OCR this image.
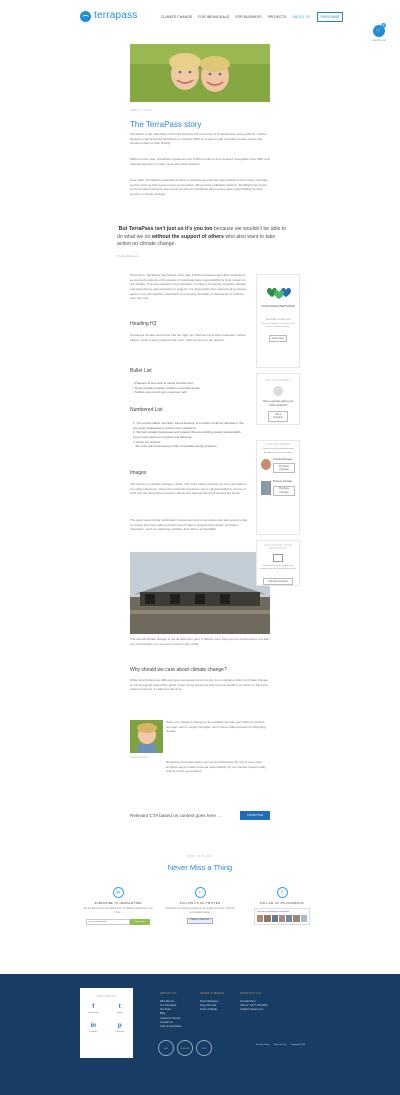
terrapass	CLIMATE CHANGE FOR INDIVIDUALS FOR BUSINESS PROJECTS ABOUT US	PURCHASE
🛒
0
shopping cart
APRIL 1, 2015
The TerraPass story
TerraPass is the brainchild of Dr. Karl Ulrich at the University of Pennsylvania. Along with Dr. Ulrich's students, Karl launched TerraPass in October 2004 as a way to help everyday people reduce the climate impact of their driving.
Within its first year, TerraPass registered over 2,000 members and received recognition from NBC and national reporters in many news and policy articles.
Soon after, TerraPass expanded its focus to address greenhouse gas emissions from other important sectors such as flying and energy consumption. Beyond the individual offering, TerraPass has grown to encompass business and events as well as individuals who need to take responsibility for their impact on climate change.
“But TerraPass isn't just us it's you too because we wouldn't be able to do what we do without the support of others who also want to take action on climate change.
The TerraPass team
Since then, TerraPass has helped more than 1,000 businesses and other institutions as well as hundreds of thousands of individuals take responsibility for their impact on the climate. This has resulted in the reduction of millions of pounds of carbon dioxide and greenhouse gas emissions in projects. It's appropriate from reduced greenhouse gases in our atmosphere equivalent to removing hundreds of thousands of vehicles from the road.
Heading H3
Creating a climate-neutral life has the right mix. Bold text and style examples: carbon offsets, clean energy projects and more. Visit our shop to get started.
Bullet List
• Praesent id arcu felis at varius tincidunt sed
• Donec tincidunt sapien at libero venenatis iaculis
• Nullam quis erat id sem ut semper velit
Numbered List
1. The world's tallest mountain, Mount Everest, is a carbon footprint calculation. We are using businesses to reduce their emissions.
2. We help smaller businesses and projects that are building toward sustainability. Learn more about our projects and offerings.
3. About our projects
We work with businesses to offer renewable energy solutions.
Images
The science of climate change is clear. The more carbon dioxide we emit, the warmer our planet becomes. Since the industrial revolution, we've released billions of tons of CO2 into the atmosphere and the effects are already being felt around the world.
The good news is that individuals, businesses and communities can take action today to reduce their own carbon footprint and support projects that reduce emissions elsewhere, such as capturing methane from farms and landfills.
The overall climate change is not all about the past. It affects more than just our environment, but also our communities, our economy and our way of life.
Why should we care about climate change?
While all activities use different types and amounts of energy, the cumulative effect of climate change is now being felt around the globe. From rising sea levels and extreme weather to stress on food and water resources, it matters to all of us.
A warm welcome
Have you noticed a change in the weather around you? Warmer winters, stronger storms, longer droughts. All of these shifts represent a changing climate.
Reducing emissions where we can and offsetting the rest is one of the simplest ways to take personal responsibility for our climate impact today and for future generations.
Relevant CTA based on context goes here ...	CTA BUTTON
FLASH SALE STARTS NOW
SHIPPING PROMOTION
Get free shipping on all orders this week. Limited time only.
Learn More
ASK AN EXPERT
Have a question about your carbon footprint?
Ask a Question
OUR PACKAGES
Choose the right package for your lifestyle and business needs.
Individual Package
Purchase Package
Business Package
Purchase Package
CALCULATE YOUR FOOTPRINT
Find out how much carbon you produce each year and how to offset it.
Calculate Footprint
STAY IN TOUCH
Never Miss a Thing
✉
SUBSCRIBE TO NEWSLETTER
Get the latest news and offers from TerraPass delivered to your inbox.
Your Email Address
Subscribe
t
FOLLOW US ON TWITTER
TerraPass is reducing emissions one project at a time. Join the conversation today.
Follow @TerraPass
f
FOLLOW US ON FACEBOOK
Join our community on Facebook
FOLLOW US
f
Facebook
t
Twitter
in
LinkedIn
p
Pinterest
ABOUT US
Who We Are
Our Principles
Our Team
Blog
Customer Service
Contact Us
Jobs & Internships
NEWS & MEDIA
Press Releases
Stay Informed
Press & Media
CONTACT US
Contact Form
Call us: 1-877-780-0664
info@terrapass.com
SEAL	VERIFIED	CERT
Privacy Policy Terms of Use Copyright 2015
